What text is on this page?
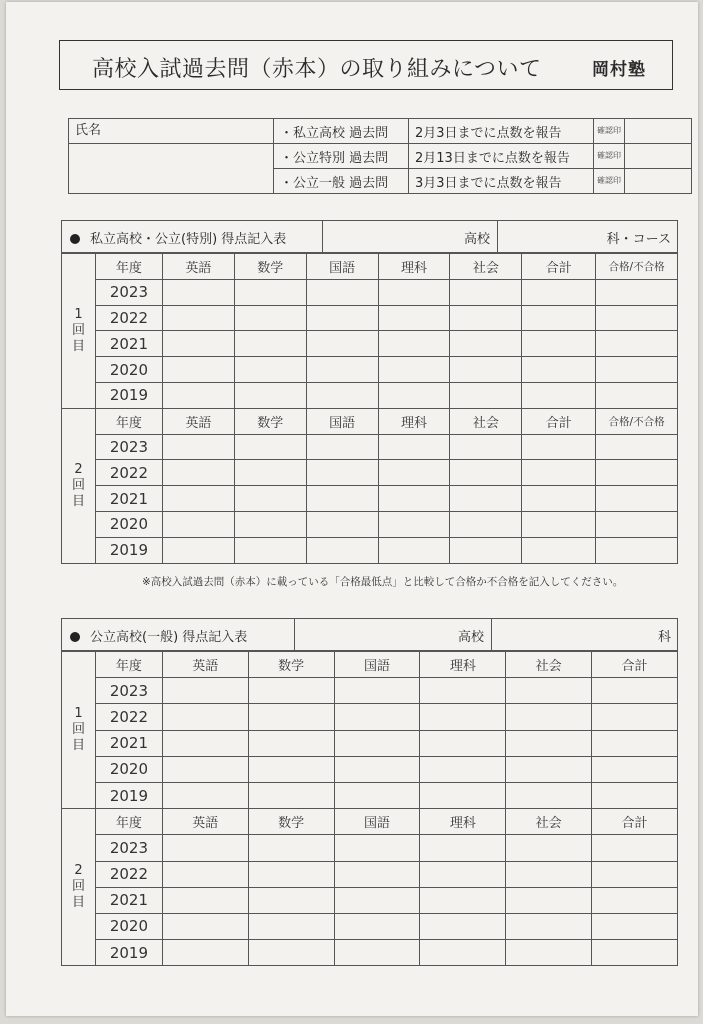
高校入試過去問（赤本）の取り組みについて	岡村塾
氏名	・私立高校 過去問	2月3日までに点数を報告	確認印	
	・公立特別 過去問	2月13日までに点数を報告	確認印	
	・公立一般 過去問	3月3日までに点数を報告	確認印	
私立高校・公立(特別) 得点記入表	高校	科・コース
1
回
目	年度	英語	数学	国語	理科	社会	合計	合格/不合格
	2023							
	2022							
	2021							
	2020							
	2019							
2
回
目	年度	英語	数学	国語	理科	社会	合計	合格/不合格
	2023							
	2022							
	2021							
	2020							
	2019							
※高校入試過去問（赤本）に載っている「合格最低点」と比較して合格か不合格を記入してください。
公立高校(一般) 得点記入表	高校	科
1
回
目	年度	英語	数学	国語	理科	社会	合計
	2023						
	2022						
	2021						
	2020						
	2019						
2
回
目	年度	英語	数学	国語	理科	社会	合計
	2023						
	2022						
	2021						
	2020						
	2019						
